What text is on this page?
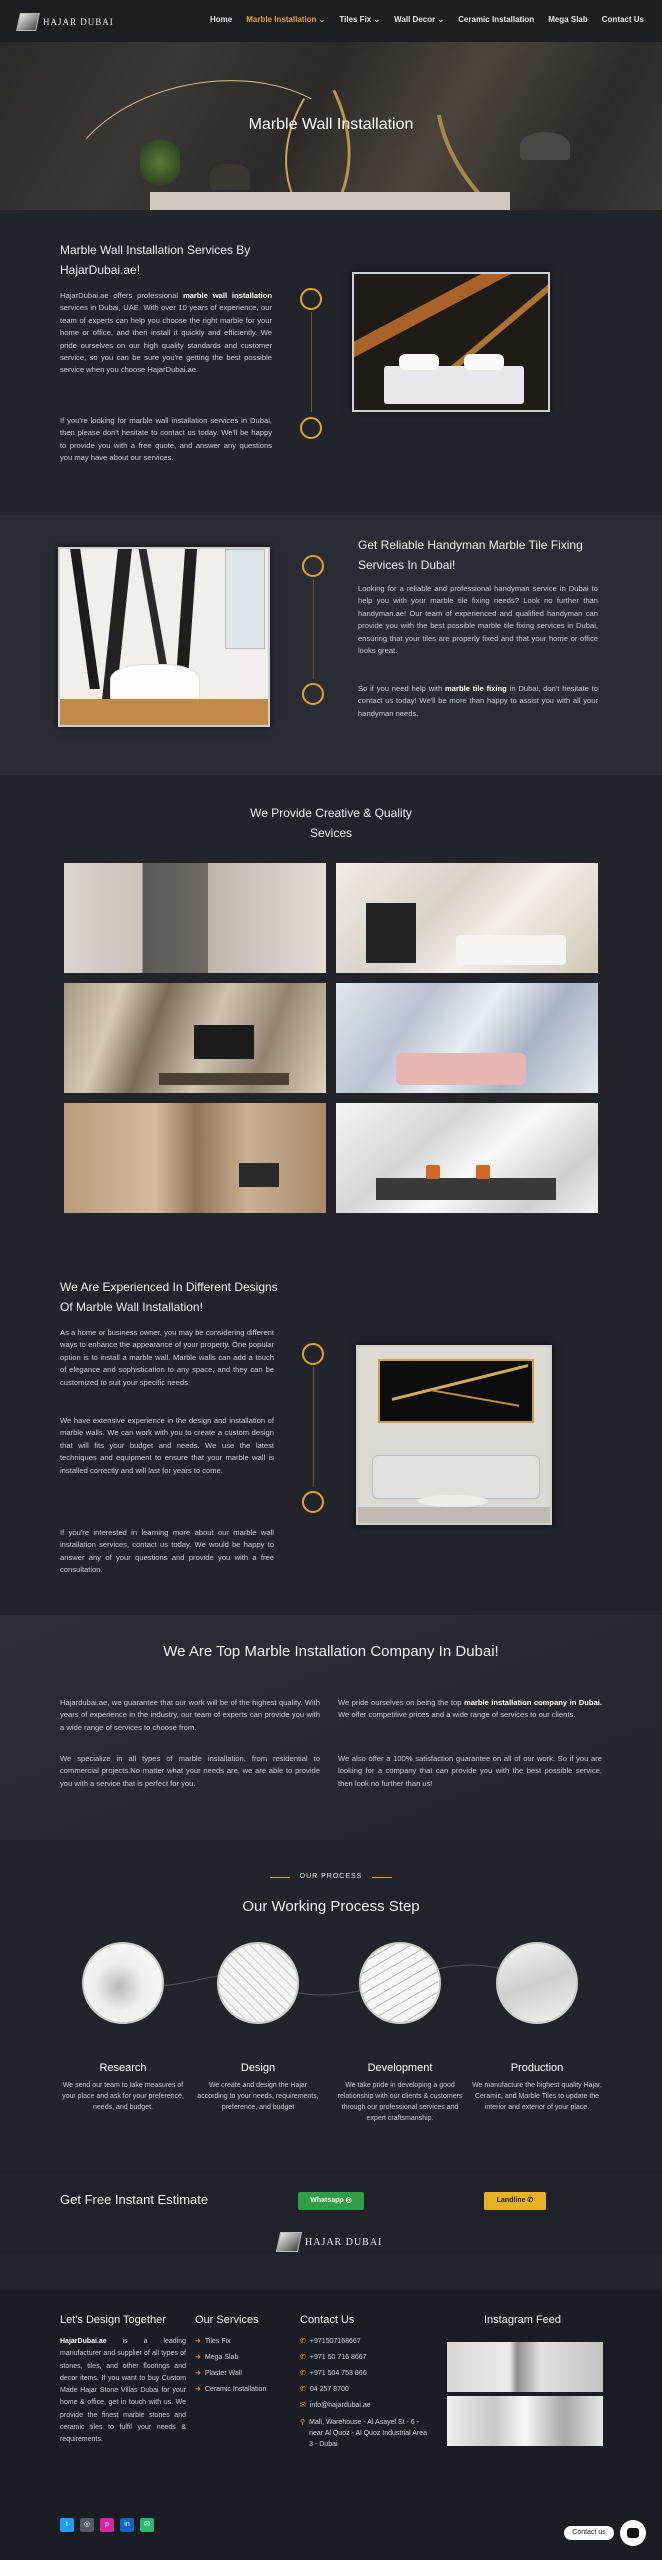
HAJAR DUBAI	Home Marble Installation ⌄ Tiles Fix ⌄ Wall Decor ⌄ Ceramic Installation Mega Slab Contact Us
Marble Wall Installation
Marble Wall Installation Services By HajarDubai.ae!
HajarDubai.ae offers professional marble wall installation services in Dubai, UAE. With over 10 years of experience, our team of experts can help you choose the right marble for your home or office, and then install it quickly and efficiently. We pride ourselves on our high quality standards and customer service, so you can be sure you're getting the best possible service when you choose HajarDubai.ae.
If you're looking for marble wall installation services in Dubai, then please don't hesitate to contact us today. We'll be happy to provide you with a free quote, and answer any questions you may have about our services.
Get Reliable Handyman Marble Tile Fixing Services In Dubai!
Looking for a reliable and professional handyman service in Dubai to help you with your marble tile fixing needs? Look no further than handyman.ae! Our team of experienced and qualified handyman can provide you with the best possible marble tile fixing services in Dubai, ensuring that your tiles are properly fixed and that your home or office looks great.
So if you need help with marble tile fixing in Dubai, don't hesitate to contact us today! We'll be more than happy to assist you with all your handyman needs.
We Provide Creative & Quality Sevices
We Are Experienced In Different Designs Of Marble Wall Installation!
As a home or business owner, you may be considering different ways to enhance the appearance of your property. One popular option is to install a marble wall. Marble walls can add a touch of elegance and sophistication to any space, and they can be customized to suit your specific needs.
We have extensive experience in the design and installation of marble walls. We can work with you to create a custom design that will fits your budget and needs. We use the latest techniques and equipment to ensure that your marble wall is installed correctly and will last for years to come.
If you're interested in learning more about our marble wall installation services, contact us today. We would be happy to answer any of your questions and provide you with a free consultation.
We Are Top Marble Installation Company In Dubai!
Hajardubai.ae, we guarantee that our work will be of the highest quality. With years of experience in the industry, our team of experts can provide you with a wide range of services to choose from.
We specialize in all types of marble installation, from residential to commercial projects.No matter what your needs are, we are able to provide you with a service that is perfect for you.
We pride ourselves on being the top marble installation company in Dubai. We offer competitive prices and a wide range of services to our clients.
We also offer a 100% satisfaction guarantee on all of our work. So if you are looking for a company that can provide you with the best possible service, then look no further than us!
OUR PROCESS
Our Working Process Step
Research
We send our team to take measures of your place and ask for your preference, needs, and budget.
Design
We create and design the Hajar according to your needs, requirements, preference, and budget
Development
We take pride in developing a good relationship with our clients & customers through our professional services and expert craftsmanship.
Production
We manufacture the highest quality Hajar, Ceramic, and Marble Tiles to update the interior and exterior of your place.
Get Free Instant Estimate	Whatsapp ◎	Landline ✆
HAJAR DUBAI
Let's Design Together
HajarDubai.ae is a leading manufacturer and supplier of all types of stones, tiles, and other floorings and decor items. If you want to buy Custom Made Hajar Stone Villas Dubai for your home & office, get in touch with us. We provide the finest marble stones and ceramic tiles to fulfil your needs & requirements.
t	◎	p	in	✉
Our Services
➜ Tiles Fix
➜ Mega Slab
➜ Plaster Wall
➜ Ceramic Installation
Contact Us
✆ +971507168667
✆ +971 50 716 8667
✆ +971 504 753 866
✆ 04 257 8700
✉ info@hajardubai.ae
⚲ Mall, Warehouse - Al Asayel St - 6 - near Al Quoz - Al Quoz Industrial Area 3 - Dubai
Instagram Feed
Contact us
